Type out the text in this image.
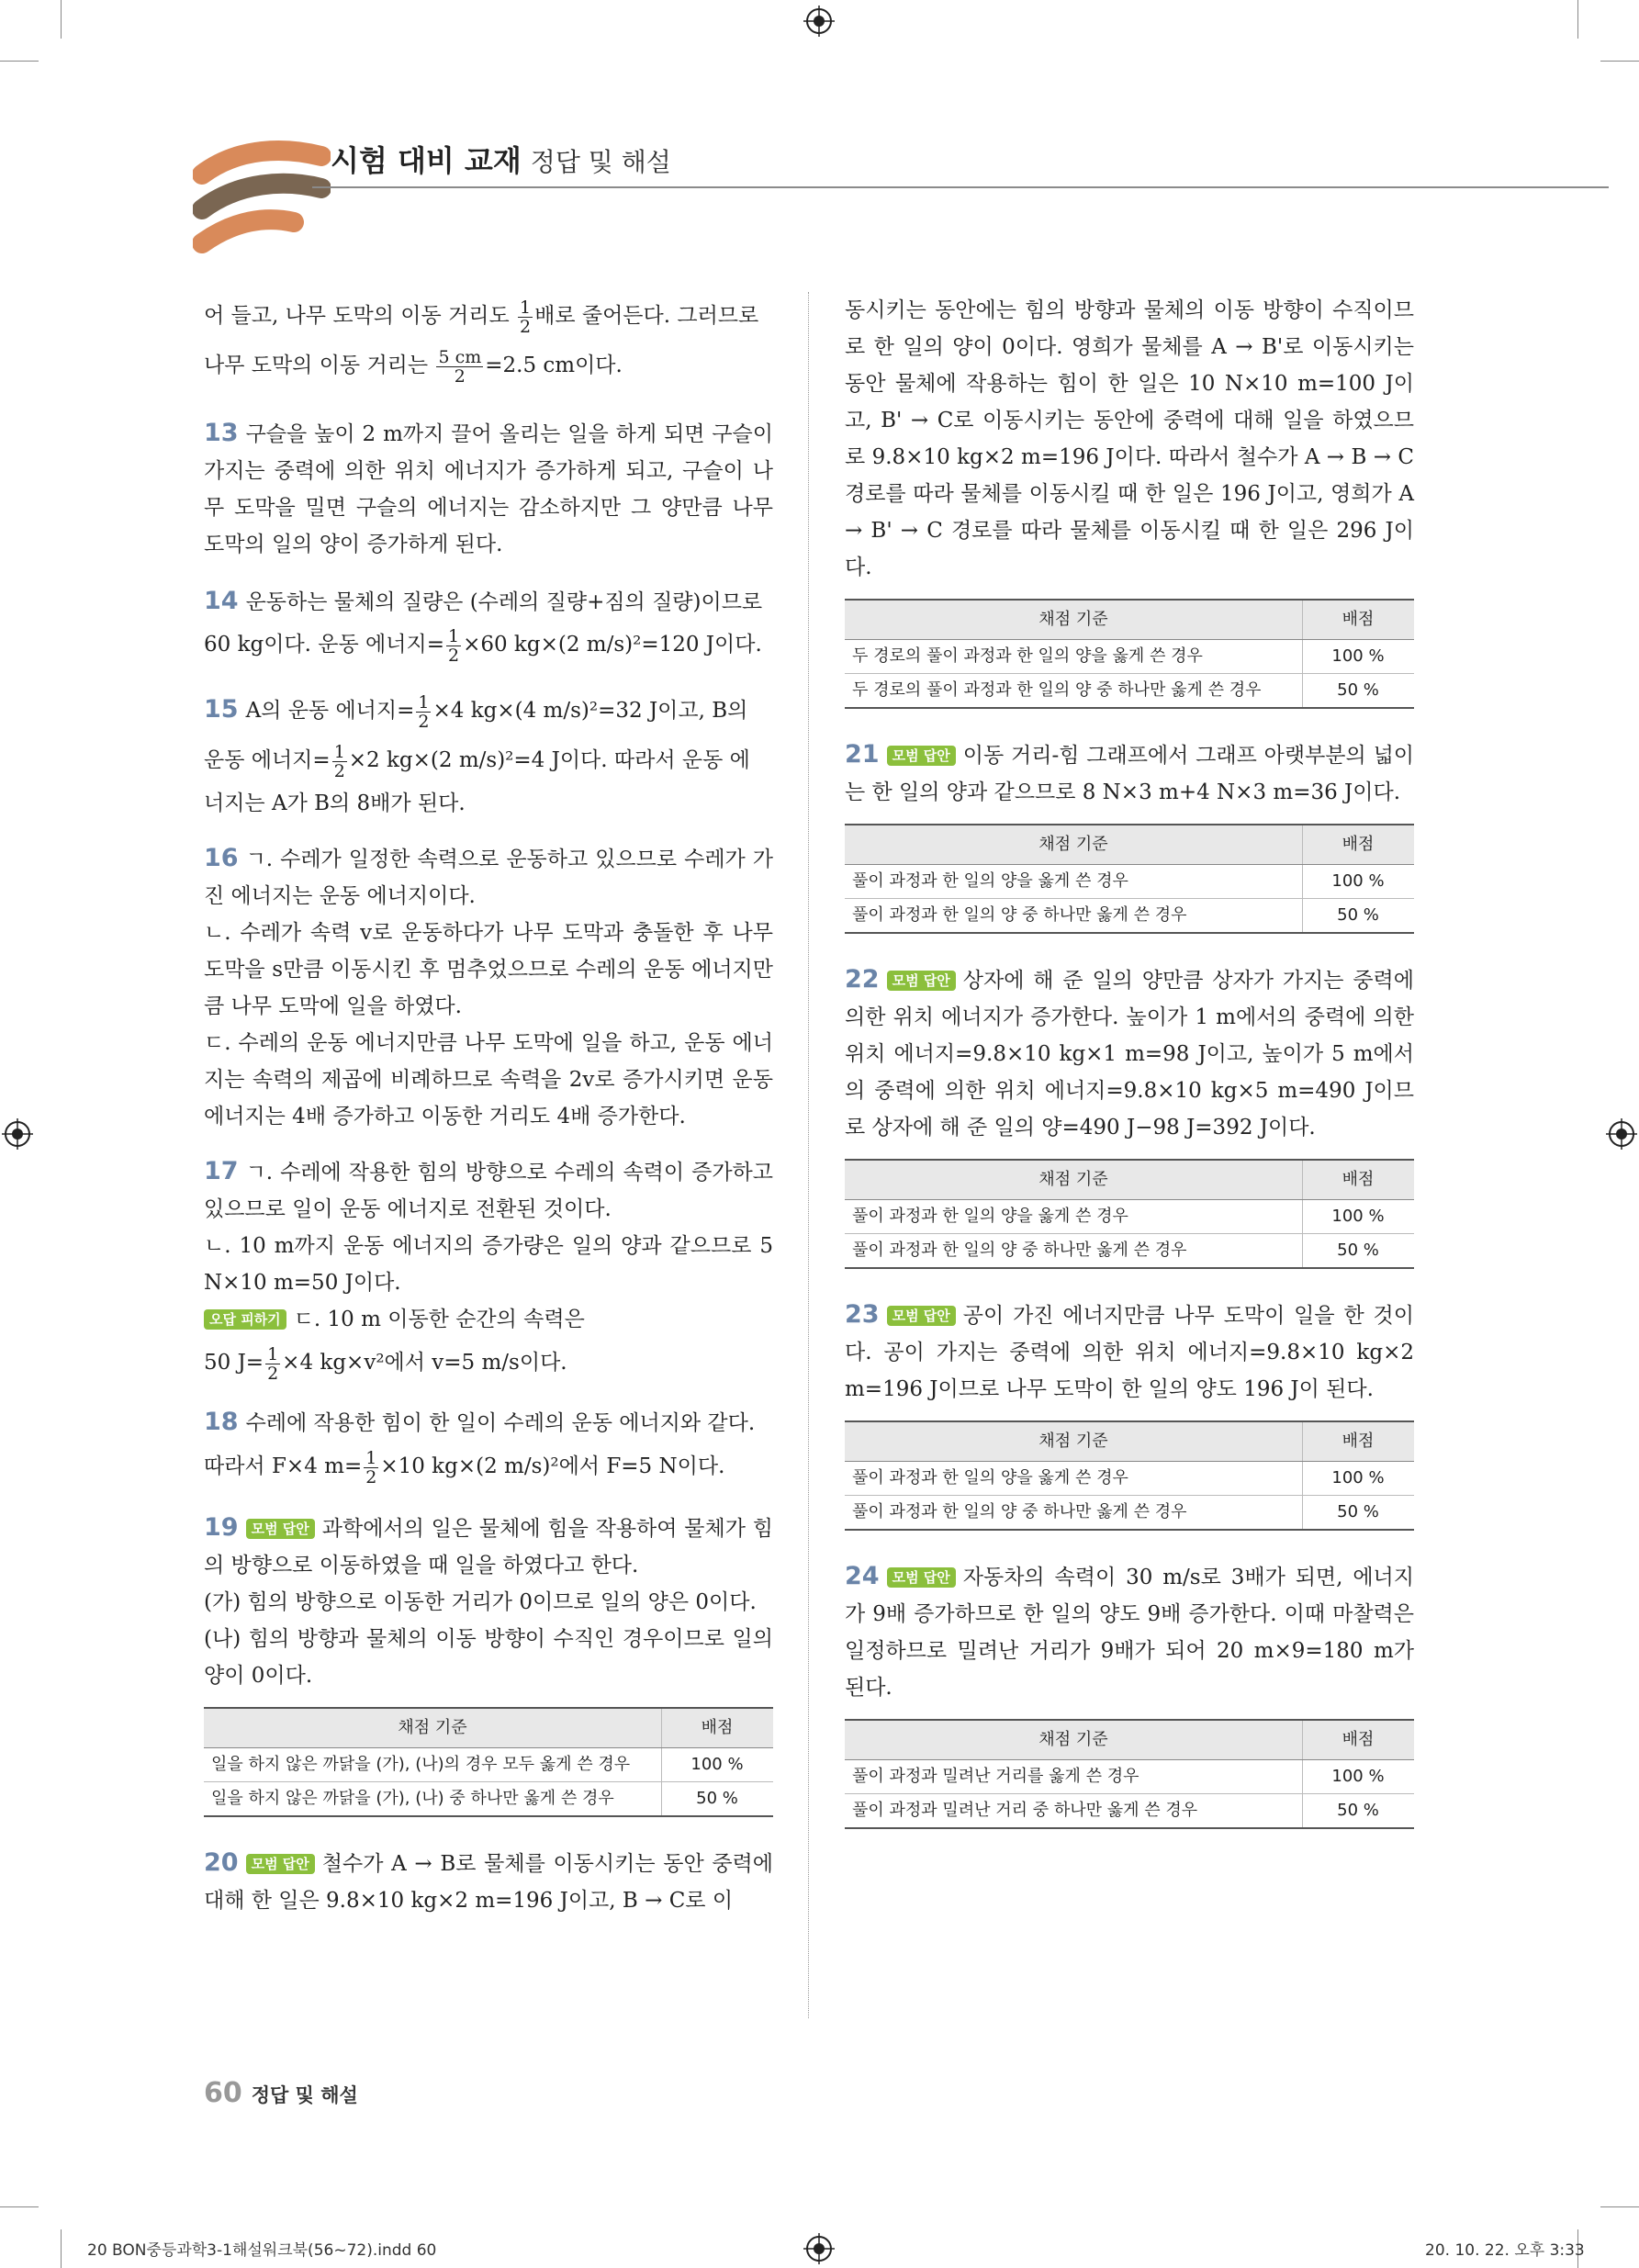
시험 대비 교재 정답 및 해설

어 들고, 나무 도막의 이동 거리도 $\frac{1}{2}$ 배로 줄어든다. 그러므로

나무 도막의 이동 거리는 $\frac{5 cm}{2} =2.5$ cm이다.

13 구슬을 높이 2 m까지 끌어 올리는 일을 하게 되면 구슬이 가지는 중력에 의한 위치 에너지가 증가하게 되고, 구슬이 나무 도막을 밀면 구슬의 에너지는 감소하지만 그 양만큼 나무 도막의 일의 양이 증가하게 된다.

14 운동하는 물체의 질량은 (수레의 질량+짐의 질량)이므로

60 kg이다. 운동 에너지= $\frac{1}{2} \times 60$ kg×(2 m/s)²=120 J이다.

15 A의 운동 에너지= $\frac{1}{2} \times 4$ kg×(4 m/s)²=32 J이고, B의

운동 에너지= $\frac{1}{2} \times 2$ kg×(2 m/s)²=4 J이다. 따라서 운동 에

너지는 A가 B의 8배가 된다.

16 ㄱ. 수레가 일정한 속력으로 운동하고 있으므로 수레가 가진 에너지는 운동 에너지이다.

ㄴ. 수레가 속력 v로 운동하다가 나무 도막과 충돌한 후 나무 도막을 s만큼 이동시킨 후 멈추었으므로 수레의 운동 에너지만큼 나무 도막에 일을 하였다.

ㄷ. 수레의 운동 에너지만큼 나무 도막에 일을 하고, 운동 에너지는 속력의 제곱에 비례하므로 속력을 2v로 증가시키면 운동 에너지는 4배 증가하고 이동한 거리도 4배 증가한다.

17 ㄱ. 수레에 작용한 힘의 방향으로 수레의 속력이 증가하고 있으므로 일이 운동 에너지로 전환된 것이다.

ㄴ. 10 m까지 운동 에너지의 증가량은 일의 양과 같으므로 5 N×10 m=50 J이다.

오답 피하기 ㄷ. 10 m 이동한 순간의 속력은

50 $J= \frac{1}{2} \times 4$ kg×v²에서 v=5 m/s이다.

18 수레에 작용한 힘이 한 일이 수레의 운동 에너지와 같다.

따라서 F×4 $m= \frac{1}{2} \times 10$ kg×(2 m/s)²에서 F=5 N이다.

19 모범 답안 과학에서의 일은 물체에 힘을 작용하여 물체가 힘의 방향으로 이동하였을 때 일을 하였다고 한다.

(가) 힘의 방향으로 이동한 거리가 0이므로 일의 양은 0이다.

(나) 힘의 방향과 물체의 이동 방향이 수직인 경우이므로 일의 양이 0이다.

채점 기준	배점
일을 하지 않은 까닭을 (가), (나)의 경우 모두 옳게 쓴 경우	100 %
일을 하지 않은 까닭을 (가), (나) 중 하나만 옳게 쓴 경우	50 %

20 모범 답안 철수가 A → B로 물체를 이동시키는 동안 중력에 대해 한 일은 9.8×10 kg×2 m=196 J이고, B → C로 이

동시키는 동안에는 힘의 방향과 물체의 이동 방향이 수직이므로 한 일의 양이 0이다. 영희가 물체를 A → B'로 이동시키는 동안 물체에 작용하는 힘이 한 일은 10 N×10 m=100 J이고, B' → C로 이동시키는 동안에 중력에 대해 일을 하였으므로 9.8×10 kg×2 m=196 J이다. 따라서 철수가 A → B → C 경로를 따라 물체를 이동시킬 때 한 일은 196 J이고, 영희가 A → B' → C 경로를 따라 물체를 이동시킬 때 한 일은 296 J이다.

채점 기준	배점
두 경로의 풀이 과정과 한 일의 양을 옳게 쓴 경우	100 %
두 경로의 풀이 과정과 한 일의 양 중 하나만 옳게 쓴 경우	50 %

21 모범 답안 이동 거리-힘 그래프에서 그래프 아랫부분의 넓이는 한 일의 양과 같으므로 8 N×3 m+4 N×3 m=36 J이다.

채점 기준	배점
풀이 과정과 한 일의 양을 옳게 쓴 경우	100 %
풀이 과정과 한 일의 양 중 하나만 옳게 쓴 경우	50 %

22 모범 답안 상자에 해 준 일의 양만큼 상자가 가지는 중력에 의한 위치 에너지가 증가한다. 높이가 1 m에서의 중력에 의한 위치 에너지=9.8×10 kg×1 m=98 J이고, 높이가 5 m에서의 중력에 의한 위치 에너지=9.8×10 kg×5 m=490 J이므로 상자에 해 준 일의 양=490 J−98 J=392 J이다.

채점 기준	배점
풀이 과정과 한 일의 양을 옳게 쓴 경우	100 %
풀이 과정과 한 일의 양 중 하나만 옳게 쓴 경우	50 %

23 모범 답안 공이 가진 에너지만큼 나무 도막이 일을 한 것이다. 공이 가지는 중력에 의한 위치 에너지=9.8×10 kg×2 m=196 J이므로 나무 도막이 한 일의 양도 196 J이 된다.

채점 기준	배점
풀이 과정과 한 일의 양을 옳게 쓴 경우	100 %
풀이 과정과 한 일의 양 중 하나만 옳게 쓴 경우	50 %

24 모범 답안 자동차의 속력이 30 m/s로 3배가 되면, 에너지가 9배 증가하므로 한 일의 양도 9배 증가한다. 이때 마찰력은 일정하므로 밀려난 거리가 9배가 되어 20 m×9=180 m가 된다.

채점 기준	배점
풀이 과정과 밀려난 거리를 옳게 쓴 경우	100 %
풀이 과정과 밀려난 거리 중 하나만 옳게 쓴 경우	50 %
60 정답 및 해설
20 BON중등과학3-1해설워크북(56~72).indd 60	20. 10. 22. 오후 3:33
